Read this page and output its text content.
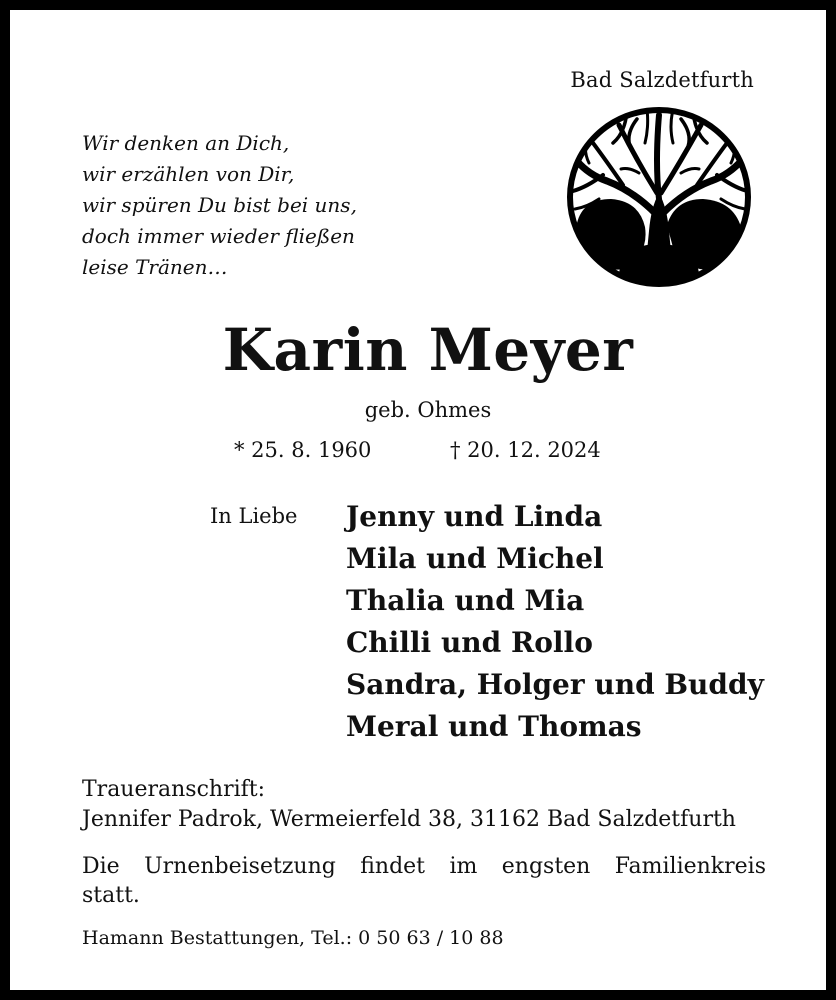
Bad Salzdetfurth
Wir denken an Dich,
wir erzählen von Dir,
wir spüren Du bist bei uns,
doch immer wieder fließen
leise Tränen…
Karin Meyer
geb. Ohmes
* 25. 8. 1960	† 20. 12. 2024
In Liebe Jenny und Linda
Mila und Michel
Thalia und Mia
Chilli und Rollo
Sandra, Holger und Buddy
Meral und Thomas
Traueranschrift:
Jennifer Padrok, Wermeierfeld 38, 31162 Bad Salzdetfurth
Die Urnenbeisetzung findet im engsten Familienkreis statt.
Hamann Bestattungen, Tel.: 0 50 63 / 10 88
